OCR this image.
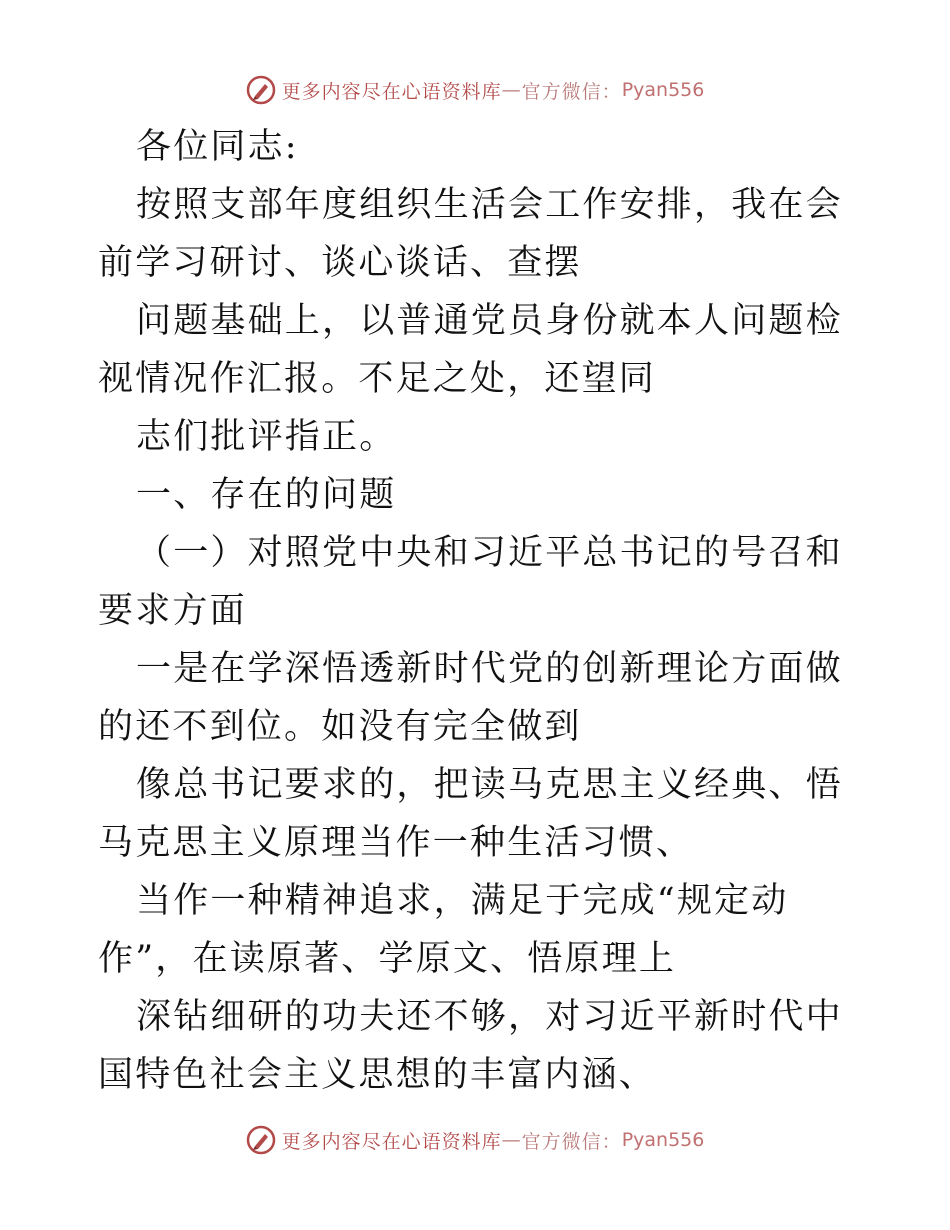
更多内容尽在心语资料库 — 官方微信： Pyan556

各位同志:

按照支部年度组织生活会工作安排，我在会前学习研讨、谈心谈话、查摆

问题基础上，以普通党员身份就本人问题检视情况作汇报。不足之处，还望同

志们批评指正。

一、存在的问题

（一）对照党中央和习近平总书记的号召和要求方面

一是在学深悟透新时代党的创新理论方面做的还不到位。如没有完全做到

像总书记要求的，把读马克思主义经典、悟马克思主义原理当作一种生活习惯、

当作一种精神追求，满足于完成“规定动作”，在读原著、学原文、悟原理上

深钻细研的功夫还不够，对习近平新时代中国特色社会主义思想的丰富内涵、

更多内容尽在心语资料库 — 官方微信： Pyan556
